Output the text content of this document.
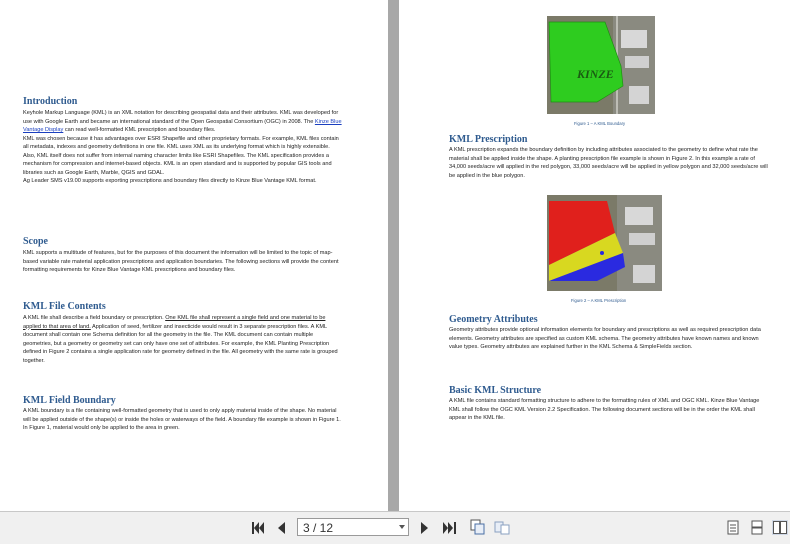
Introduction
Keyhole Markup Language (KML) is an XML notation for describing geospatial data and their attributes. KML was developed for use with Google Earth and became an international standard of the Open Geospatial Consortium (OGC) in 2008. The Kinze Blue Vantage Display can read well-formatted KML prescription and boundary files.
KML was chosen because it has advantages over ESRI Shapefile and other proprietary formats. For example, KML files contain all metadata, indexes and geometry definitions in one file. KML uses XML as its underlying format which is highly extensible. Also, KML itself does not suffer from internal naming character limits like ESRI Shapefiles. The KML specification provides a mechanism for compression and internet-based objects. KML is an open standard and is supported by popular GIS tools and libraries such as Google Earth, Marble, QGIS and GDAL.
Ag Leader SMS v19.00 supports exporting prescriptions and boundary files directly to Kinze Blue Vantage KML format.
Scope
KML supports a multitude of features, but for the purposes of this document the information will be limited to the topic of map-based variable rate material application prescriptions and application boundaries. The following sections will provide the content formatting requirements for Kinze Blue Vantage KML prescriptions and boundary files.
KML File Contents
A KML file shall describe a field boundary or prescription. One KML file shall represent a single field and one material to be applied to that area of land. Application of seed, fertilizer and insecticide would result in 3 separate prescription files. A KML document shall contain one Schema definition for all the geometry in the file. The KML document can contain multiple geometries, but a geometry or geometry set can only have one set of attributes. For example, the KML Planting Prescription defined in Figure 2 contains a single application rate for geometry defined in the file. All geometry with the same rate is grouped together.
KML Field Boundary
A KML boundary is a file containing well-formatted geometry that is used to only apply material inside of the shape. No material will be applied outside of the shape(s) or inside the holes or waterways of the field. A boundary file example is shown in Figure 1. In Figure 1, material would only be applied to the area in green.
KINZE
Figure 1 – A KML Boundary
KML Prescription
A KML prescription expands the boundary definition by including attributes associated to the geometry to define what rate the material shall be applied inside the shape. A planting prescription file example is shown in Figure 2. In this example a rate of 34,000 seeds/acre will applied in the red polygon, 33,000 seeds/acre will be applied in yellow polygon and 32,000 seeds/acre will be applied in the blue polygon.
Figure 2 – A KML Prescription
Geometry Attributes
Geometry attributes provide optional information elements for boundary and prescriptions as well as required prescription data elements. Geometry attributes are specified as custom KML schema. The geometry attributes have known names and known value types. Geometry attributes are explained further in the KML Schema & SimpleFields section.
Basic KML Structure
A KML file contains standard formatting structure to adhere to the formatting rules of XML and OGC KML. Kinze Blue Vantage KML shall follow the OGC KML Version 2.2 Specification. The following document sections will be in the order the KML shall appear in the KML file.
3 / 12
